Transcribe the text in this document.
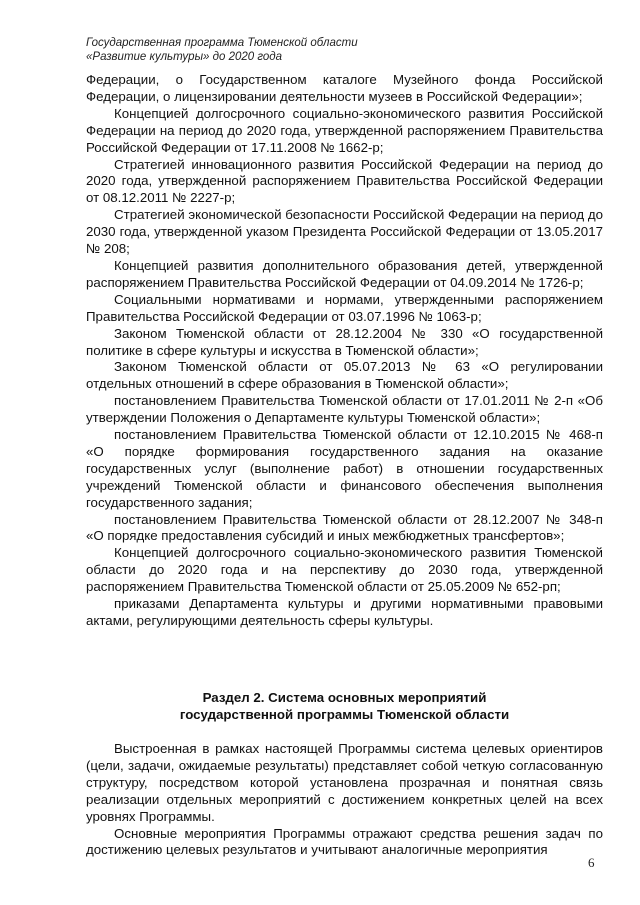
Государственная программа Тюменской области
«Развитие культуры» до 2020 года

Федерации, о Государственном каталоге Музейного фонда Российской Федерации, о лицензировании деятельности музеев в Российской Федерации»;

Концепцией долгосрочного социально-экономического развития Российской Федерации на период до 2020 года, утвержденной распоряжением Правительства Российской Федерации от 17.11.2008 № 1662-р;

Стратегией инновационного развития Российской Федерации на период до 2020 года, утвержденной распоряжением Правительства Российской Федерации от 08.12.2011 № 2227-р;

Стратегией экономической безопасности Российской Федерации на период до 2030 года, утвержденной указом Президента Российской Федерации от 13.05.2017 № 208;

Концепцией развития дополнительного образования детей, утвержденной распоряжением Правительства Российской Федерации от 04.09.2014 № 1726-р;

Социальными нормативами и нормами, утвержденными распоряжением Правительства Российской Федерации от 03.07.1996 № 1063-р;

Законом Тюменской области от 28.12.2004 № 330 «О государственной политике в сфере культуры и искусства в Тюменской области»;

Законом Тюменской области от 05.07.2013 № 63 «О регулировании отдельных отношений в сфере образования в Тюменской области»;

постановлением Правительства Тюменской области от 17.01.2011 № 2-п «Об утверждении Положения о Департаменте культуры Тюменской области»;

постановлением Правительства Тюменской области от 12.10.2015 № 468-п «О порядке формирования государственного задания на оказание государственных услуг (выполнение работ) в отношении государственных учреждений Тюменской области и финансового обеспечения выполнения государственного задания;

постановлением Правительства Тюменской области от 28.12.2007 № 348-п «О порядке предоставления субсидий и иных межбюджетных трансфертов»;

Концепцией долгосрочного социально-экономического развития Тюменской области до 2020 года и на перспективу до 2030 года, утвержденной распоряжением Правительства Тюменской области от 25.05.2009 № 652-рп;

приказами Департамента культуры и другими нормативными правовыми актами, регулирующими деятельность сферы культуры.

Раздел 2. Система основных мероприятий
государственной программы Тюменской области

Выстроенная в рамках настоящей Программы система целевых ориентиров (цели, задачи, ожидаемые результаты) представляет собой четкую согласованную структуру, посредством которой установлена прозрачная и понятная связь реализации отдельных мероприятий с достижением конкретных целей на всех уровнях Программы.

Основные мероприятия Программы отражают средства решения задач по достижению целевых результатов и учитывают аналогичные мероприятия

6
